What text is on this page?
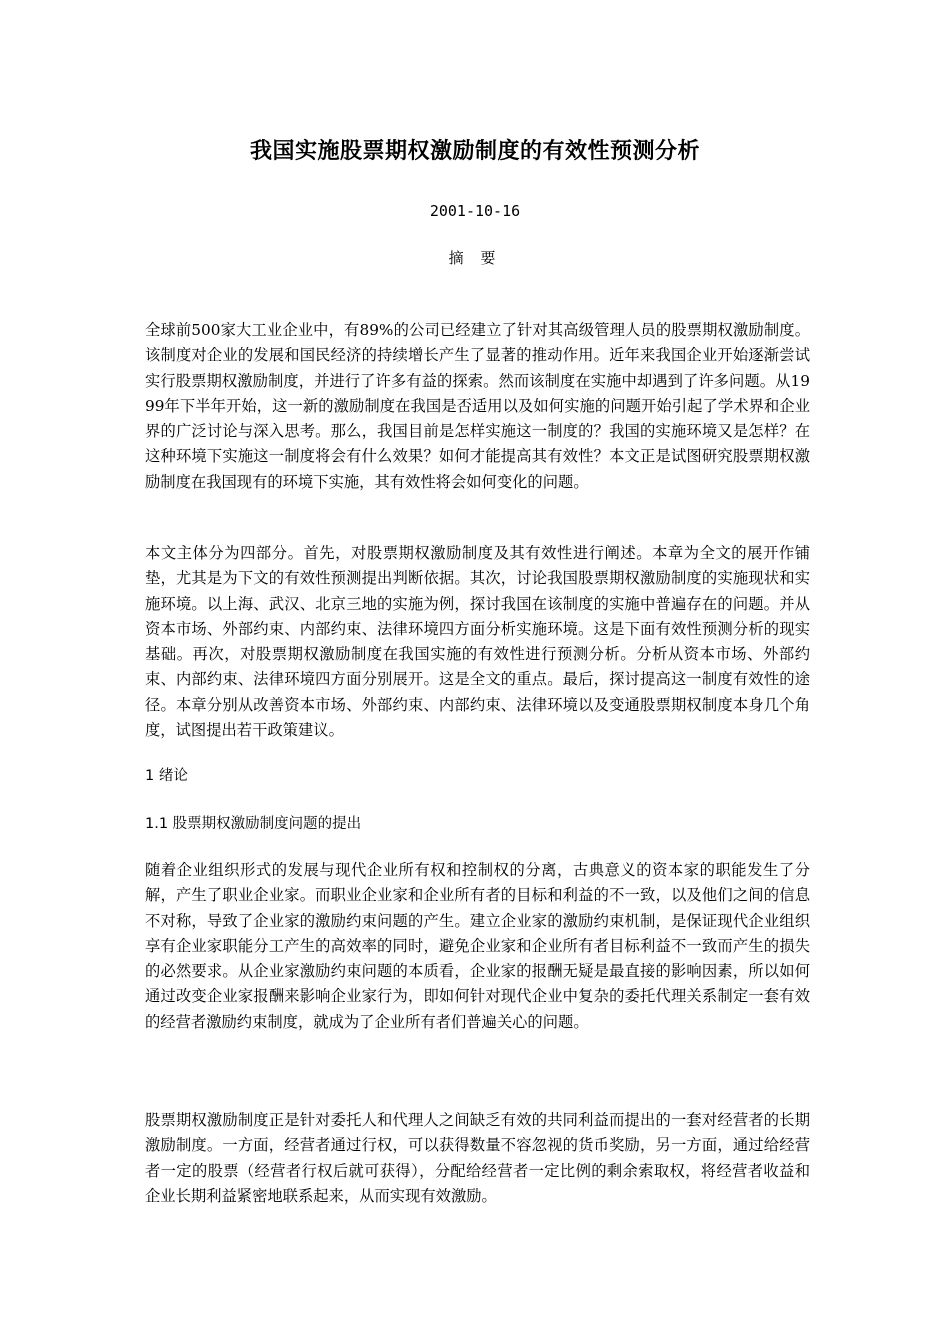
我国实施股票期权激励制度的有效性预测分析
2001-10-16
摘 要

全球前500家大工业企业中，有89%的公司已经建立了针对其高级管理人员的股票期权激励制度。该制度对企业的发展和国民经济的持续增长产生了显著的推动作用。近年来我国企业开始逐渐尝试实行股票期权激励制度，并进行了许多有益的探索。然而该制度在实施中却遇到了许多问题。从1999年下半年开始，这一新的激励制度在我国是否适用以及如何实施的问题开始引起了学术界和企业界的广泛讨论与深入思考。那么，我国目前是怎样实施这一制度的？我国的实施环境又是怎样？在这种环境下实施这一制度将会有什么效果？如何才能提高其有效性？本文正是试图研究股票期权激励制度在我国现有的环境下实施，其有效性将会如何变化的问题。

本文主体分为四部分。首先，对股票期权激励制度及其有效性进行阐述。本章为全文的展开作铺垫，尤其是为下文的有效性预测提出判断依据。其次，讨论我国股票期权激励制度的实施现状和实施环境。以上海、武汉、北京三地的实施为例，探讨我国在该制度的实施中普遍存在的问题。并从资本市场、外部约束、内部约束、法律环境四方面分析实施环境。这是下面有效性预测分析的现实基础。再次，对股票期权激励制度在我国实施的有效性进行预测分析。分析从资本市场、外部约束、内部约束、法律环境四方面分别展开。这是全文的重点。最后，探讨提高这一制度有效性的途径。本章分别从改善资本市场、外部约束、内部约束、法律环境以及变通股票期权制度本身几个角度，试图提出若干政策建议。

1 绪论
1.1 股票期权激励制度问题的提出

随着企业组织形式的发展与现代企业所有权和控制权的分离，古典意义的资本家的职能发生了分解，产生了职业企业家。而职业企业家和企业所有者的目标和利益的不一致，以及他们之间的信息不对称，导致了企业家的激励约束问题的产生。建立企业家的激励约束机制，是保证现代企业组织享有企业家职能分工产生的高效率的同时，避免企业家和企业所有者目标利益不一致而产生的损失的必然要求。从企业家激励约束问题的本质看，企业家的报酬无疑是最直接的影响因素，所以如何通过改变企业家报酬来影响企业家行为，即如何针对现代企业中复杂的委托代理关系制定一套有效的经营者激励约束制度，就成为了企业所有者们普遍关心的问题。

股票期权激励制度正是针对委托人和代理人之间缺乏有效的共同利益而提出的一套对经营者的长期激励制度。一方面，经营者通过行权，可以获得数量不容忽视的货币奖励，另一方面，通过给经营者一定的股票（经营者行权后就可获得），分配给经营者一定比例的剩余索取权，将经营者收益和企业长期利益紧密地联系起来，从而实现有效激励。
